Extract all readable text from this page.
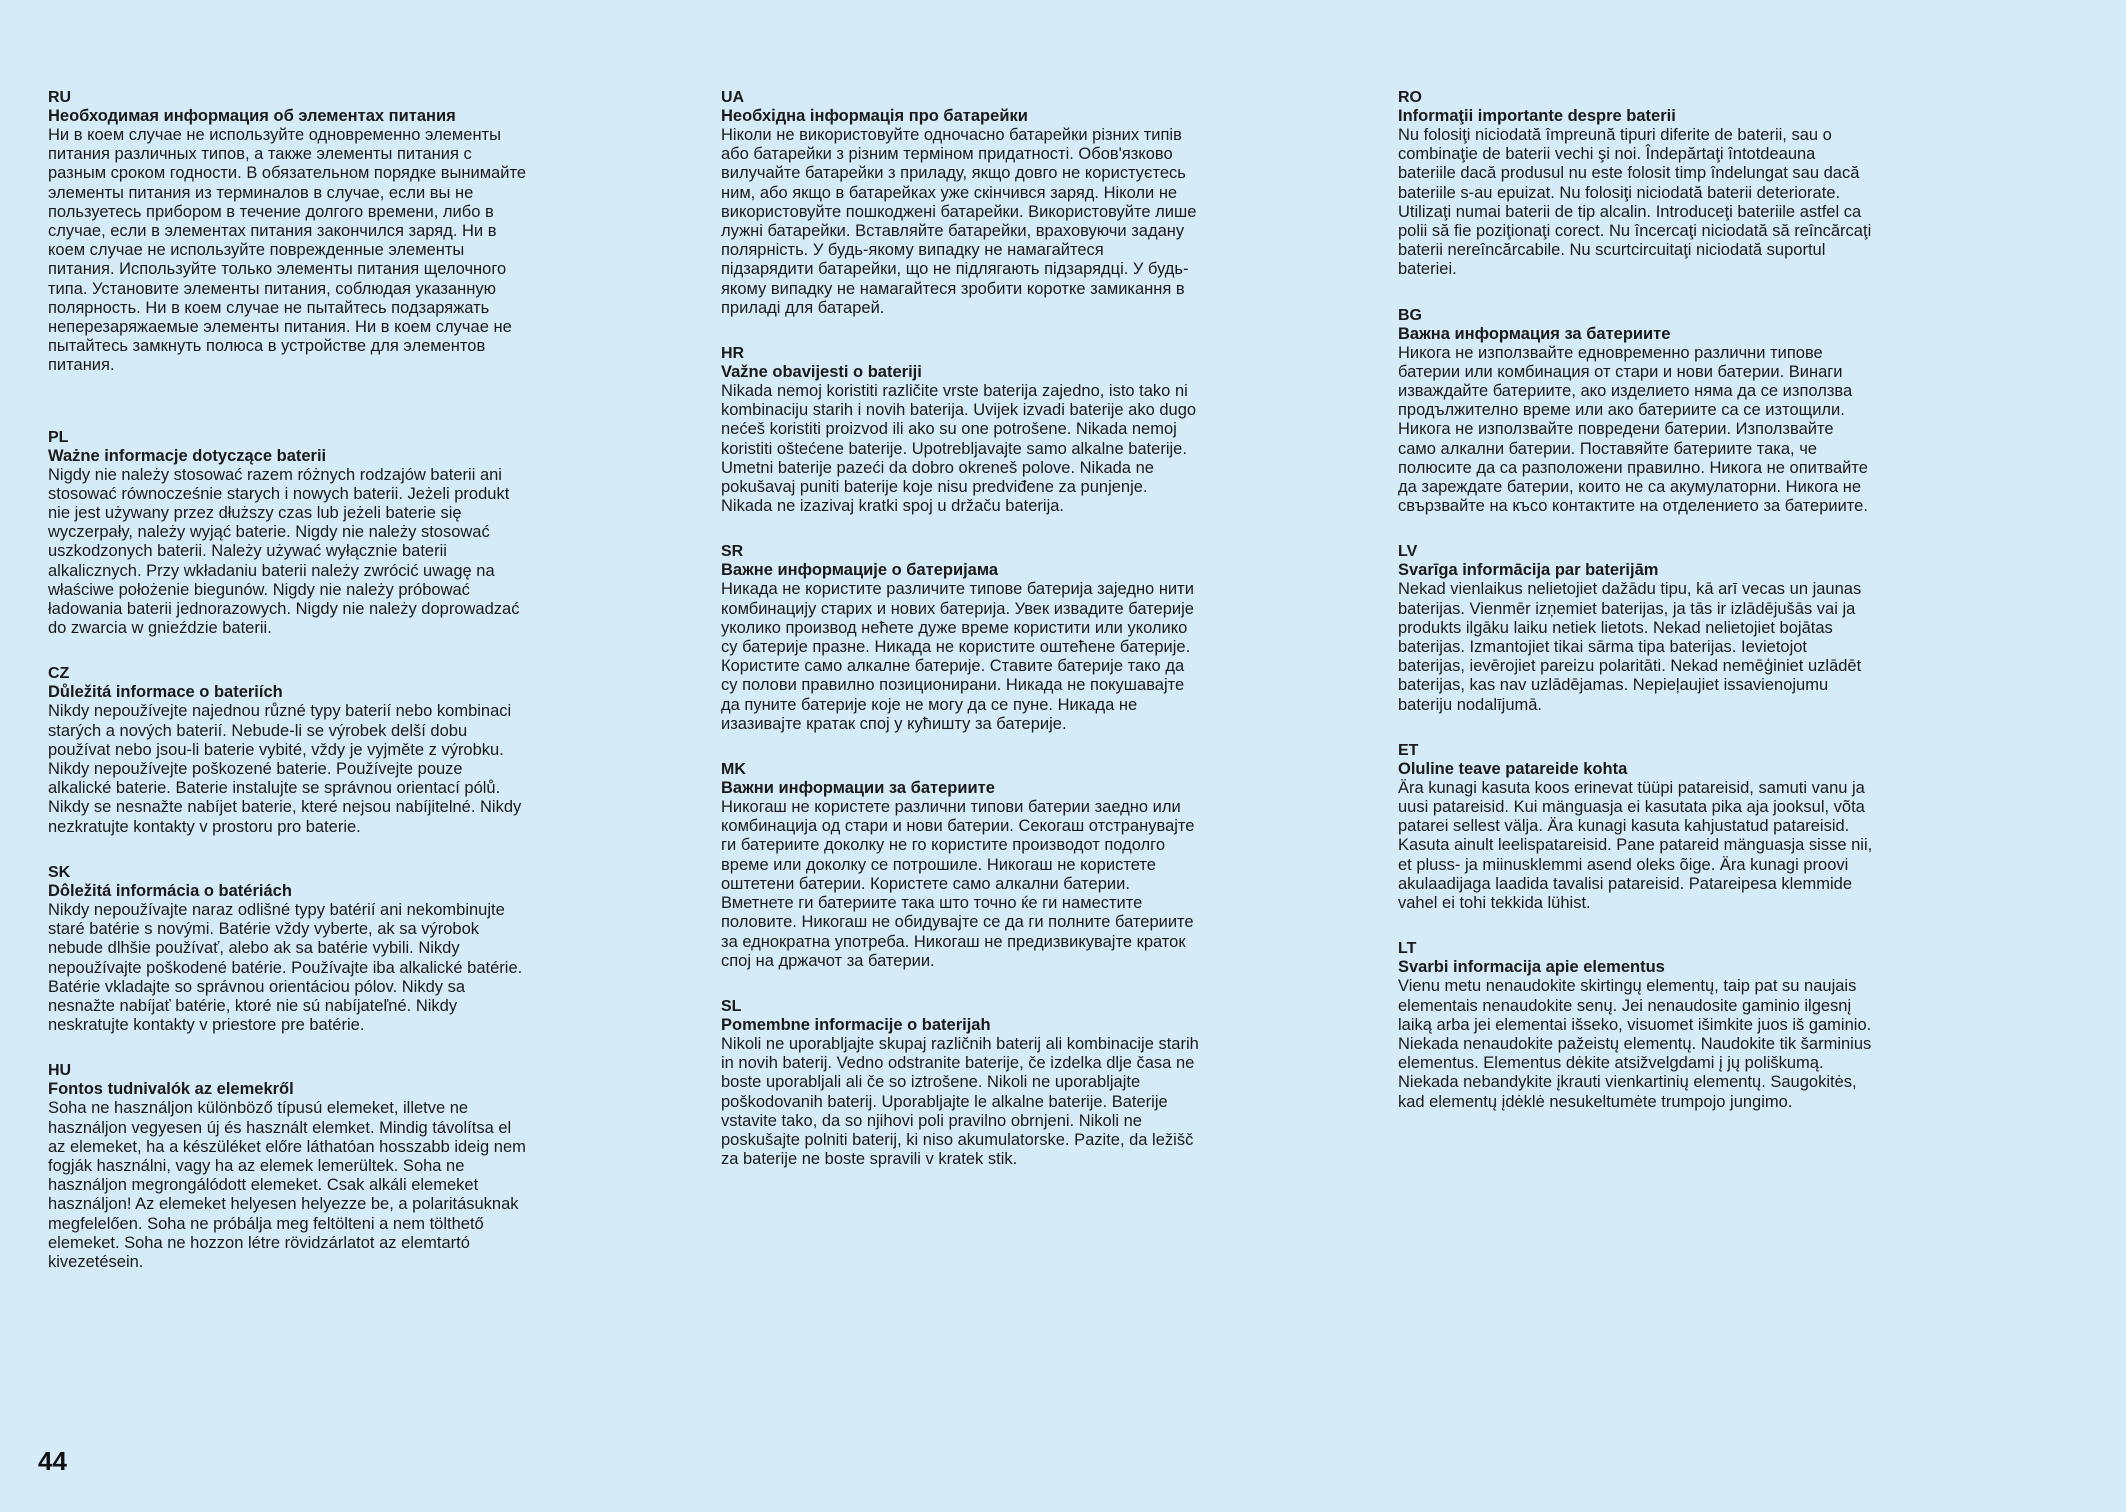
RU
Необходимая информация об элементах питания
Ни в коем случае не используйте одновременно элементы питания различных типов, а также элементы питания с разным сроком годности. В обязательном порядке вынимайте элементы питания из терминалов в случае, если вы не пользуетесь прибором в течение долгого времени, либо в случае, если в элементах питания закончился заряд. Ни в коем случае не используйте поврежденные элементы питания. Используйте только элементы питания щелочного типа. Установите элементы питания, соблюдая указанную полярность. Ни в коем случае не пытайтесь подзаряжать неперезаряжаемые элементы питания. Ни в коем случае не пытайтесь замкнуть полюса в устройстве для элементов питания.
PL
Ważne informacje dotyczące baterii
Nigdy nie należy stosować razem różnych rodzajów baterii ani stosować równocześnie starych i nowych baterii. Jeżeli produkt nie jest używany przez dłuższy czas lub jeżeli baterie się wyczerpały, należy wyjąć baterie. Nigdy nie należy stosować uszkodzonych baterii. Należy używać wyłącznie baterii alkalicznych. Przy wkładaniu baterii należy zwrócić uwagę na właściwe położenie biegunów. Nigdy nie należy próbować ładowania baterii jednorazowych. Nigdy nie należy doprowadzać do zwarcia w gnieździe baterii.
CZ
Důležitá informace o bateriích
Nikdy nepoužívejte najednou různé typy baterií nebo kombinaci starých a nových baterií. Nebude-li se výrobek delší dobu používat nebo jsou-li baterie vybité, vždy je vyjměte z výrobku. Nikdy nepoužívejte poškozené baterie. Používejte pouze alkalické baterie. Baterie instalujte se správnou orientací pólů. Nikdy se nesnažte nabíjet baterie, které nejsou nabíjitelné. Nikdy nezkratujte kontakty v prostoru pro baterie.
SK
Dôležitá informácia o batériách
Nikdy nepoužívajte naraz odlišné typy batérií ani nekombinujte staré batérie s novými. Batérie vždy vyberte, ak sa výrobok nebude dlhšie používať, alebo ak sa batérie vybili. Nikdy nepoužívajte poškodené batérie. Používajte iba alkalické batérie. Batérie vkladajte so správnou orientáciou pólov. Nikdy sa nesnažte nabíjať batérie, ktoré nie sú nabíjateľné. Nikdy neskratujte kontakty v priestore pre batérie.
HU
Fontos tudnivalók az elemekről
Soha ne használjon különböző típusú elemeket, illetve ne használjon vegyesen új és használt elemket. Mindig távolítsa el az elemeket, ha a készüléket előre láthatóan hosszabb ideig nem fogják használni, vagy ha az elemek lemerültek. Soha ne használjon megrongálódott elemeket. Csak alkáli elemeket használjon! Az elemeket helyesen helyezze be, a polaritásuknak megfelelően. Soha ne próbálja meg feltölteni a nem tölthető elemeket. Soha ne hozzon létre rövidzárlatot az elemtartó kivezetésein.
UA
Необхідна інформація про батарейки
Ніколи не використовуйте одночасно батарейки різних типів або батарейки з різним терміном придатності. Обов'язково вилучайте батарейки з приладу, якщо довго не користуєтесь ним, або якщо в батарейках уже скінчився заряд. Ніколи не використовуйте пошкоджені батарейки. Використовуйте лише лужні батарейки. Вставляйте батарейки, враховуючи задану полярність. У будь-якому випадку не намагайтеся підзарядити батарейки, що не підлягають підзарядці. У будь-якому випадку не намагайтеся зробити коротке замикання в приладі для батарей.
HR
Važne obavijesti o bateriji
Nikada nemoj koristiti različite vrste baterija zajedno, isto tako ni kombinaciju starih i novih baterija. Uvijek izvadi baterije ako dugo nećeš koristiti proizvod ili ako su one potrošene. Nikada nemoj koristiti oštećene baterije. Upotrebljavajte samo alkalne baterije. Umetni baterije pazeći da dobro okreneš polove. Nikada ne pokušavaj puniti baterije koje nisu predviđene za punjenje. Nikada ne izazivaj kratki spoj u držaču baterija.
SR
Важне информације о батеријама
Никада не користите различите типове батерија заједно нити комбинацију старих и нових батерија. Увек извадите батерије уколико производ нећете дуже време користити или уколико су батерије празне. Никада не користите оштећене батерије. Користите само алкалне батерије. Ставите батерије тако да су полови правилно позиционирани. Никада не покушавајте да пуните батерије које не могу да се пуне. Никада не изазивајте кратак спој у кућишту за батерије.
MK
Важни информации за батериите
Никогаш не користете различни типови батерии заедно или комбинација од стари и нови батерии. Секогаш отстранувајте ги батериите доколку не го користите производот подолго време или доколку се потрошиле. Никогаш не користете оштетени батерии. Користете само алкални батерии. Вметнете ги батериите така што точно ќе ги наместите половите. Никогаш не обидувајте се да ги полните батериите за еднократна употреба. Никогаш не предизвикувајте краток спој на држачот за батерии.
SL
Pomembne informacije o baterijah
Nikoli ne uporabljajte skupaj različnih baterij ali kombinacije starih in novih baterij. Vedno odstranite baterije, če izdelka dlje časa ne boste uporabljali ali če so iztrošene. Nikoli ne uporabljajte poškodovanih baterij. Uporabljajte le alkalne baterije. Baterije vstavite tako, da so njihovi poli pravilno obrnjeni. Nikoli ne poskušajte polniti baterij, ki niso akumulatorske. Pazite, da ležišč za baterije ne boste spravili v kratek stik.
RO
Informaţii importante despre baterii
Nu folosiţi niciodată împreună tipuri diferite de baterii, sau o combinaţie de baterii vechi şi noi. Îndepărtaţi întotdeauna bateriile dacă produsul nu este folosit timp îndelungat sau dacă bateriile s-au epuizat. Nu folosiţi niciodată baterii deteriorate. Utilizaţi numai baterii de tip alcalin. Introduceţi bateriile astfel ca polii să fie poziţionaţi corect. Nu încercaţi niciodată să reîncărcaţi baterii nereîncărcabile. Nu scurtcircuitaţi niciodată suportul bateriei.
BG
Важна информация за батериите
Никога не използвайте едновременно различни типове батерии или комбинация от стари и нови батерии. Винаги изваждайте батериите, ако изделието няма да се използва продължително време или ако батериите са се изтощили. Никога не използвайте повредени батерии. Използвайте само алкални батерии. Поставяйте батериите така, че полюсите да са разположени правилно. Никога не опитвайте да зареждате батерии, които не са акумулаторни. Никога не свързвайте на късо контактите на отделението за батериите.
LV
Svarīga informācija par baterijām
Nekad vienlaikus nelietojiet dažādu tipu, kā arī vecas un jaunas baterijas. Vienmēr izņemiet baterijas, ja tās ir izlādējušās vai ja produkts ilgāku laiku netiek lietots. Nekad nelietojiet bojātas baterijas. Izmantojiet tikai sārma tipa baterijas. Ievietojot baterijas, ievērojiet pareizu polaritāti. Nekad nemēģiniet uzlādēt baterijas, kas nav uzlādējamas. Nepieļaujiet issavienojumu bateriju nodalījumā.
ET
Oluline teave patareide kohta
Ära kunagi kasuta koos erinevat tüüpi patareisid, samuti vanu ja uusi patareisid. Kui mänguasja ei kasutata pika aja jooksul, võta patarei sellest välja. Ära kunagi kasuta kahjustatud patareisid. Kasuta ainult leelispatareisid. Pane patareid mänguasja sisse nii, et pluss- ja miinusklemmi asend oleks õige. Ära kunagi proovi akulaadijaga laadida tavalisi patareisid. Patareipesa klemmide vahel ei tohi tekkida lühist.
LT
Svarbi informacija apie elementus
Vienu metu nenaudokite skirtingų elementų, taip pat su naujais elementais nenaudokite senų. Jei nenaudosite gaminio ilgesnį laiką arba jei elementai išseko, visuomet išimkite juos iš gaminio. Niekada nenaudokite pažeistų elementų. Naudokite tik šarminius elementus. Elementus dėkite atsižvelgdami į jų poliškumą. Niekada nebandykite įkrauti vienkartinių elementų. Saugokitės, kad elementų įdėklė nesukeltumėte trumpojo jungimo.
44
